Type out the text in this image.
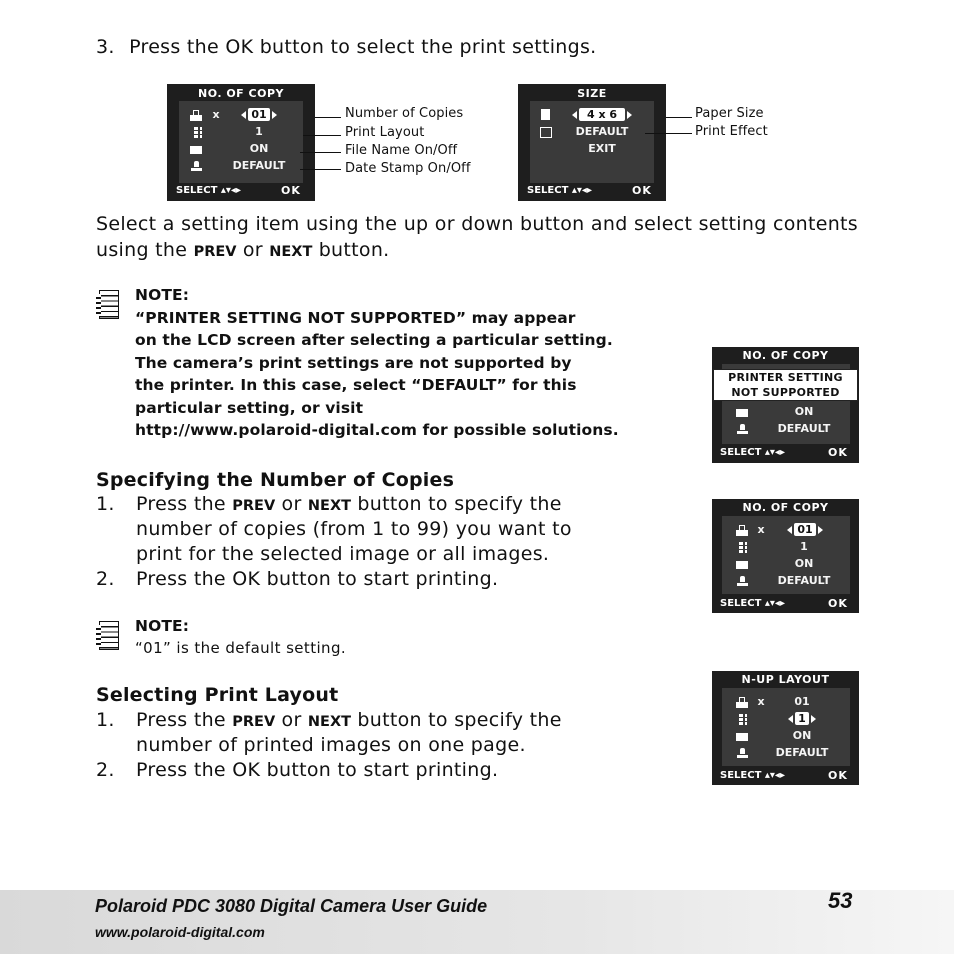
3. Press the OK button to select the print settings.
NO. OF COPY
x	01
1
ON
DEFAULT
SELECT ▴▾◂▸	OK
Number of Copies
Print Layout
File Name On/Off
Date Stamp On/Off
SIZE
4 x 6
DEFAULT
EXIT
SELECT ▴▾◂▸	OK
Paper Size
Print Effect
Select a setting item using the up or down button and select setting contents using the PREV or NEXT button.
NOTE:
“PRINTER SETTING NOT SUPPORTED” may appear
on the LCD screen after selecting a particular setting.
The camera’s print settings are not supported by
the printer. In this case, select “DEFAULT” for this
particular setting, or visit
http://www.polaroid-digital.com for possible solutions.
NO. OF COPY
PRINTER SETTING
NOT SUPPORTED
ON
DEFAULT
SELECT ▴▾◂▸	OK
Specifying the Number of Copies
1. Press the PREV or NEXT button to specify the
number of copies (from 1 to 99) you want to
print for the selected image or all images.
2. Press the OK button to start printing.
NO. OF COPY
x	01
1
ON
DEFAULT
SELECT ▴▾◂▸	OK
NOTE:
“01” is the default setting.
Selecting Print Layout
1. Press the PREV or NEXT button to specify the
number of printed images on one page.
2. Press the OK button to start printing.
N-UP LAYOUT
x	01
1
ON
DEFAULT
SELECT ▴▾◂▸	OK
Polaroid PDC 3080 Digital Camera User Guide
www.polaroid-digital.com
53
